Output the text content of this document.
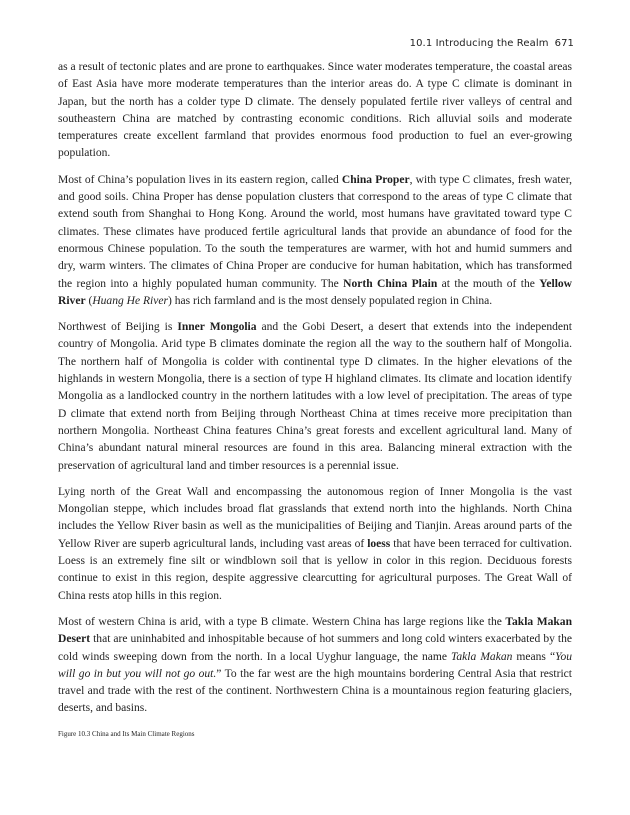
10.1 Introducing the Realm 671

as a result of tectonic plates and are prone to earthquakes. Since water moderates temperature, the coastal areas of East Asia have more moderate temperatures than the interior areas do. A type C climate is dominant in Japan, but the north has a colder type D climate. The densely populated fertile river valleys of central and southeastern China are matched by contrasting economic conditions. Rich alluvial soils and moderate temperatures create excellent farmland that provides enormous food production to fuel an ever-growing population.

Most of China’s population lives in its eastern region, called China Proper, with type C climates, fresh water, and good soils. China Proper has dense population clusters that correspond to the areas of type C climate that extend south from Shanghai to Hong Kong. Around the world, most humans have gravitated toward type C climates. These climates have produced fertile agricultural lands that provide an abundance of food for the enormous Chinese population. To the south the temperatures are warmer, with hot and humid summers and dry, warm winters. The climates of China Proper are conducive for human habitation, which has transformed the region into a highly populated human community. The North China Plain at the mouth of the Yellow River (Huang He River) has rich farmland and is the most densely populated region in China.

Northwest of Beijing is Inner Mongolia and the Gobi Desert, a desert that extends into the independent country of Mongolia. Arid type B climates dominate the region all the way to the southern half of Mongolia. The northern half of Mongolia is colder with continental type D climates. In the higher elevations of the highlands in western Mongolia, there is a section of type H highland climates. Its climate and location identify Mongolia as a landlocked country in the northern latitudes with a low level of precipitation. The areas of type D climate that extend north from Beijing through Northeast China at times receive more precipitation than northern Mongolia. Northeast China features China’s great forests and excellent agricultural land. Many of China’s abundant natural mineral resources are found in this area. Balancing mineral extraction with the preservation of agricultural land and timber resources is a perennial issue.

Lying north of the Great Wall and encompassing the autonomous region of Inner Mongolia is the vast Mongolian steppe, which includes broad flat grasslands that extend north into the highlands. North China includes the Yellow River basin as well as the municipalities of Beijing and Tianjin. Areas around parts of the Yellow River are superb agricultural lands, including vast areas of loess that have been terraced for cultivation. Loess is an extremely fine silt or windblown soil that is yellow in color in this region. Deciduous forests continue to exist in this region, despite aggressive clearcutting for agricultural purposes. The Great Wall of China rests atop hills in this region.

Most of western China is arid, with a type B climate. Western China has large regions like the Takla Makan Desert that are uninhabited and inhospitable because of hot summers and long cold winters exacerbated by the cold winds sweeping down from the north. In a local Uyghur language, the name Takla Makan means “You will go in but you will not go out.” To the far west are the high mountains bordering Central Asia that restrict travel and trade with the rest of the continent. Northwestern China is a mountainous region featuring glaciers, deserts, and basins.

Figure 10.3 China and Its Main Climate Regions
